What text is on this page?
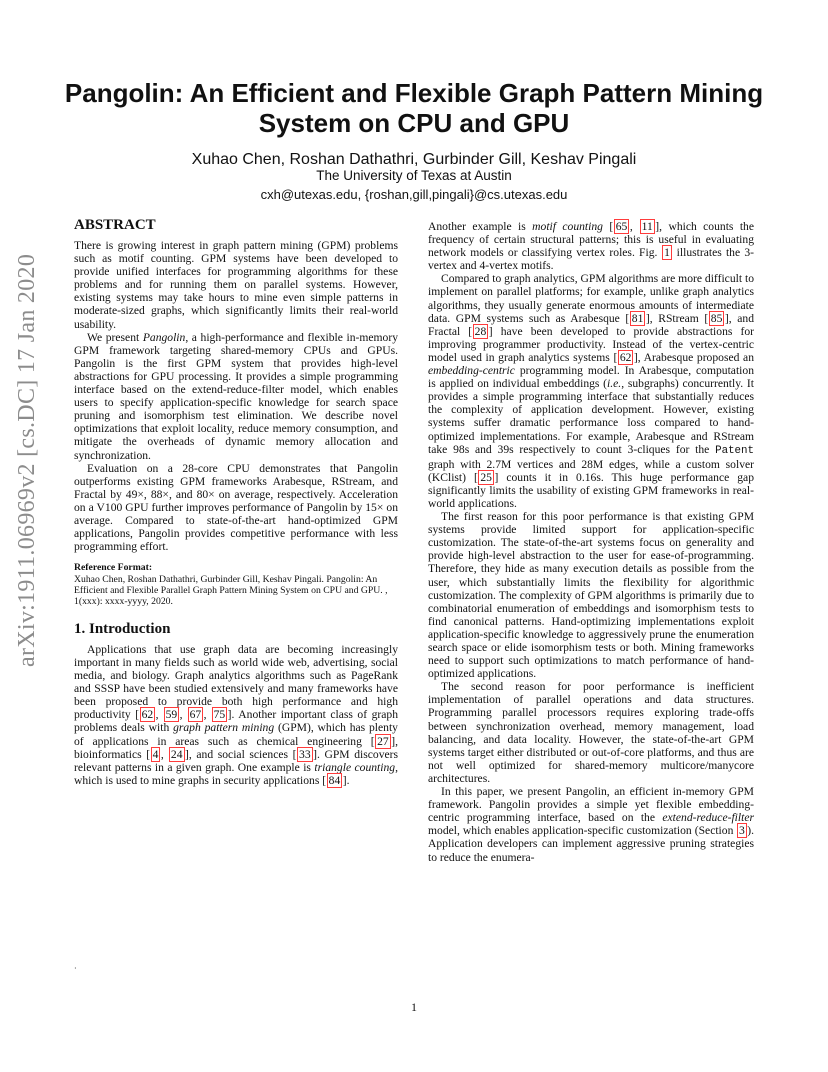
arXiv:1911.06969v2 [cs.DC] 17 Jan 2020
Pangolin: An Efficient and Flexible Graph Pattern Mining
System on CPU and GPU
Xuhao Chen, Roshan Dathathri, Gurbinder Gill, Keshav Pingali
The University of Texas at Austin
cxh@utexas.edu, {roshan,gill,pingali}@cs.utexas.edu
ABSTRACT

There is growing interest in graph pattern mining (GPM) problems such as motif counting. GPM systems have been developed to provide unified interfaces for programming algorithms for these problems and for running them on parallel systems. However, existing systems may take hours to mine even simple patterns in moderate-sized graphs, which significantly limits their real-world usability.

We present Pangolin, a high-performance and flexible in-memory GPM framework targeting shared-memory CPUs and GPUs. Pangolin is the first GPM system that provides high-level abstractions for GPU processing. It provides a simple programming interface based on the extend-reduce-filter model, which enables users to specify application-specific knowledge for search space pruning and isomorphism test elimination. We describe novel optimizations that exploit locality, reduce memory consumption, and mitigate the overheads of dynamic memory allocation and synchronization.

Evaluation on a 28-core CPU demonstrates that Pangolin outperforms existing GPM frameworks Arabesque, RStream, and Fractal by 49×, 88×, and 80× on average, respectively. Acceleration on a V100 GPU further improves performance of Pangolin by 15× on average. Compared to state-of-the-art hand-optimized GPM applications, Pangolin provides competitive performance with less programming effort.

Reference Format:
Xuhao Chen, Roshan Dathathri, Gurbinder Gill, Keshav Pingali. Pangolin: An Efficient and Flexible Parallel Graph Pattern Mining System on CPU and GPU. , 1(xxx): xxxx-yyyy, 2020.
1. Introduction

Applications that use graph data are becoming increasingly important in many fields such as world wide web, advertising, social media, and biology. Graph analytics algorithms such as PageRank and SSSP have been studied extensively and many frameworks have been proposed to provide both high performance and high productivity [ 62 , 59 , 67 , 75 ]. Another important class of graph problems deals with graph pattern mining (GPM), which has plenty of applications in areas such as chemical engineering [ 27 ], bioinformatics [ 4 , 24 ], and social sciences [ 33 ]. GPM discovers relevant patterns in a given graph. One example is triangle counting, which is used to mine graphs in security applications [ 84 ].

Another example is motif counting [ 65 , 11 ], which counts the frequency of certain structural patterns; this is useful in evaluating network models or classifying vertex roles. Fig. 1 illustrates the 3-vertex and 4-vertex motifs.

Compared to graph analytics, GPM algorithms are more difficult to implement on parallel platforms; for example, unlike graph analytics algorithms, they usually generate enormous amounts of intermediate data. GPM systems such as Arabesque [ 81 ], RStream [ 85 ], and Fractal [ 28 ] have been developed to provide abstractions for improving programmer productivity. Instead of the vertex-centric model used in graph analytics systems [ 62 ], Arabesque proposed an embedding-centric programming model. In Arabesque, computation is applied on individual embeddings (i.e., subgraphs) concurrently. It provides a simple programming interface that substantially reduces the complexity of application development. However, existing systems suffer dramatic performance loss compared to hand-optimized implementations. For example, Arabesque and RStream take 98s and 39s respectively to count 3-cliques for the Patent graph with 2.7M vertices and 28M edges, while a custom solver (KClist) [ 25 ] counts it in 0.16s. This huge performance gap significantly limits the usability of existing GPM frameworks in real-world applications.

The first reason for this poor performance is that existing GPM systems provide limited support for application-specific customization. The state-of-the-art systems focus on generality and provide high-level abstraction to the user for ease-of-programming. Therefore, they hide as many execution details as possible from the user, which substantially limits the flexibility for algorithmic customization. The complexity of GPM algorithms is primarily due to combinatorial enumeration of embeddings and isomorphism tests to find canonical patterns. Hand-optimizing implementations exploit application-specific knowledge to aggressively prune the enumeration search space or elide isomorphism tests or both. Mining frameworks need to support such optimizations to match performance of hand-optimized applications.

The second reason for poor performance is inefficient implementation of parallel operations and data structures. Programming parallel processors requires exploring trade-offs between synchronization overhead, memory management, load balancing, and data locality. However, the state-of-the-art GPM systems target either distributed or out-of-core platforms, and thus are not well optimized for shared-memory multicore/manycore architectures.

In this paper, we present Pangolin, an efficient in-memory GPM framework. Pangolin provides a simple yet flexible embedding-centric programming interface, based on the extend-reduce-filter model, which enables application-specific customization (Section 3 ). Application developers can implement aggressive pruning strategies to reduce the enumera-

·
1
